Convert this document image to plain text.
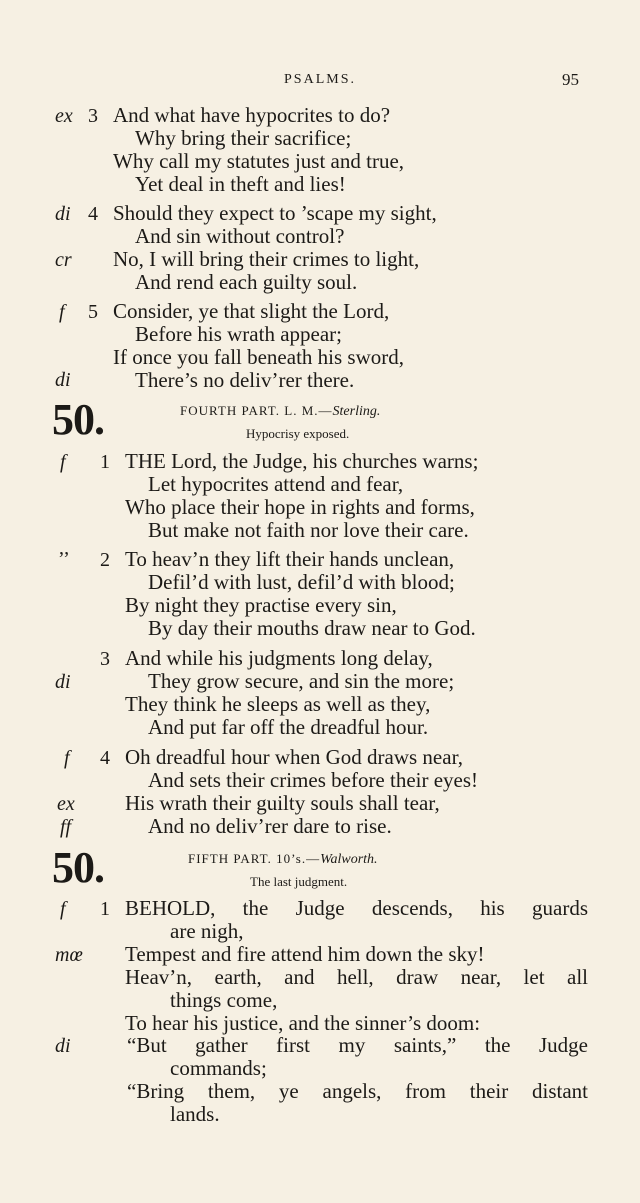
PSALMS.	95
ex 3 And what have hypocrites to do?
Why bring their sacrifice;
Why call my statutes just and true,
Yet deal in theft and lies!
di 4 Should they expect to ’scape my sight,
And sin without control?
cr No, I will bring their crimes to light,
And rend each guilty soul.
f 5 Consider, ye that slight the Lord,
Before his wrath appear;
If once you fall beneath his sword,
di	There’s no deliv’rer there.
50.	FOURTH PART. L. M.—Sterling.
Hypocrisy exposed.
f 1 THE Lord, the Judge, his churches warns;
Let hypocrites attend and fear,
Who place their hope in rights and forms,
But make not faith nor love their care.
’’ 2 To heav’n they lift their hands unclean,
Defil’d with lust, defil’d with blood;
By night they practise every sin,
By day their mouths draw near to God.
3 And while his judgments long delay,
di	They grow secure, and sin the more;
They think he sleeps as well as they,
And put far off the dreadful hour.
f 4 Oh dreadful hour when God draws near,
And sets their crimes before their eyes!
ex His wrath their guilty souls shall tear,
ff	And no deliv’rer dare to rise.
50.	FIFTH PART. 10’s.—Walworth.
The last judgment.
f 1 BEHOLD, the Judge descends, his guards
are nigh,
mœ Tempest and fire attend him down the sky!
Heav’n, earth, and hell, draw near, let all
things come,
To hear his justice, and the sinner’s doom:
di	“But gather first my saints,” the Judge
commands;
“Bring them, ye angels, from their distant
lands.
